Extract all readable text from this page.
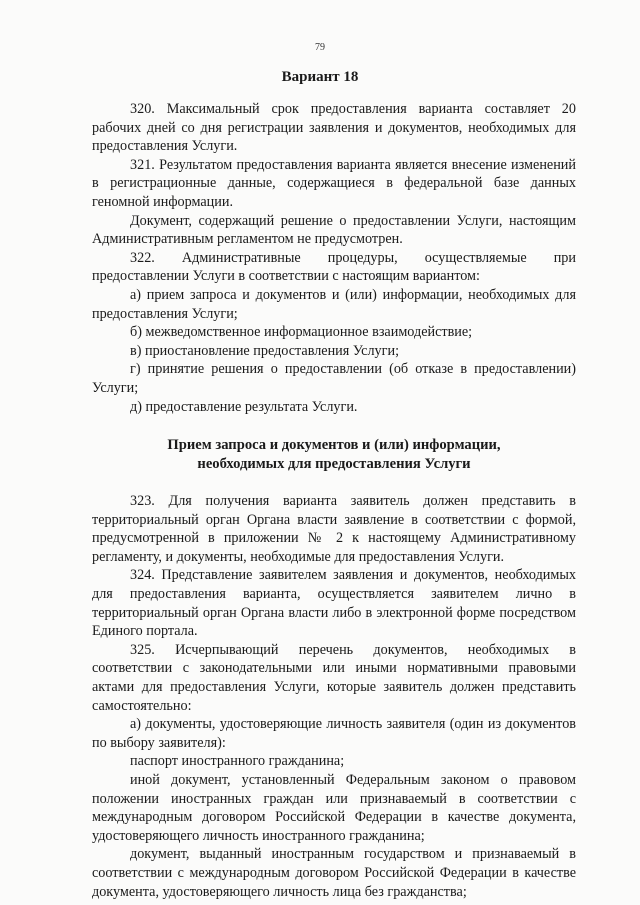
79
Вариант 18

320. Максимальный срок предоставления варианта составляет 20 рабочих дней со дня регистрации заявления и документов, необходимых для предоставления Услуги.

321. Результатом предоставления варианта является внесение изменений в регистрационные данные, содержащиеся в федеральной базе данных геномной информации.

Документ, содержащий решение о предоставлении Услуги, настоящим Административным регламентом не предусмотрен.

322. Административные процедуры, осуществляемые при предоставлении Услуги в соответствии с настоящим вариантом:

а) прием запроса и документов и (или) информации, необходимых для предоставления Услуги;

б) межведомственное информационное взаимодействие;

в) приостановление предоставления Услуги;

г) принятие решения о предоставлении (об отказе в предоставлении) Услуги;

д) предоставление результата Услуги.

Прием запроса и документов и (или) информации,
необходимых для предоставления Услуги

323. Для получения варианта заявитель должен представить в территориальный орган Органа власти заявление в соответствии с формой, предусмотренной в приложении № 2 к настоящему Административному регламенту, и документы, необходимые для предоставления Услуги.

324. Представление заявителем заявления и документов, необходимых для предоставления варианта, осуществляется заявителем лично в территориальный орган Органа власти либо в электронной форме посредством Единого портала.

325. Исчерпывающий перечень документов, необходимых в соответствии с законодательными или иными нормативными правовыми актами для предоставления Услуги, которые заявитель должен представить самостоятельно:

а) документы, удостоверяющие личность заявителя (один из документов по выбору заявителя):

паспорт иностранного гражданина;

иной документ, установленный Федеральным законом о правовом положении иностранных граждан или признаваемый в соответствии с международным договором Российской Федерации в качестве документа, удостоверяющего личность иностранного гражданина;

документ, выданный иностранным государством и признаваемый в соответствии с международным договором Российской Федерации в качестве документа, удостоверяющего личность лица без гражданства;
